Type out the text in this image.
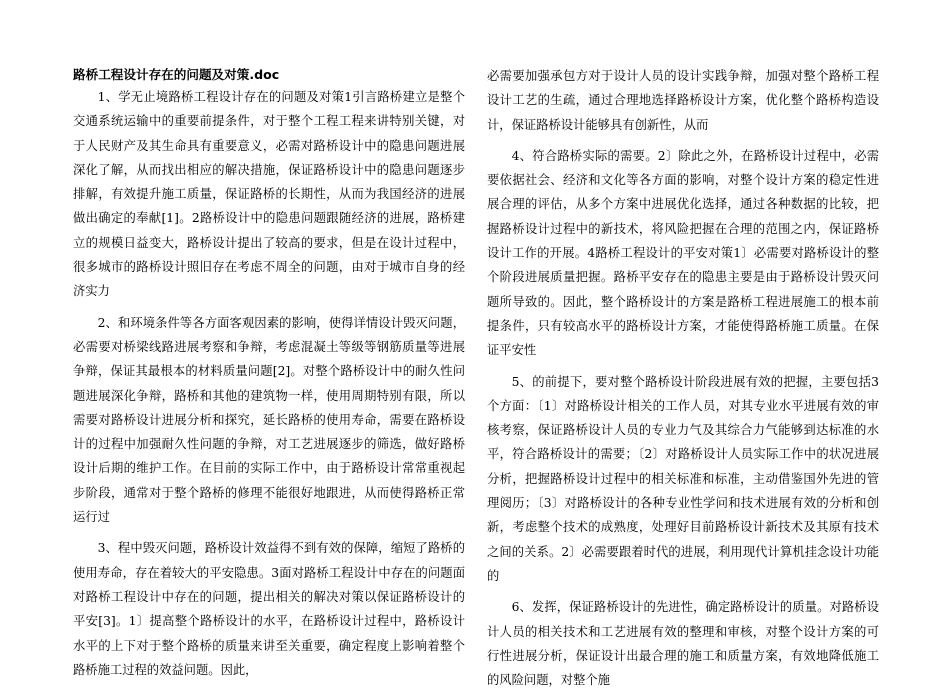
路桥工程设计存在的问题及对策.doc

1、学无止境路桥工程设计存在的问题及对策1引言路桥建立是整个交通系统运输中的重要前提条件，对于整个工程工程来讲特别关键，对于人民财产及其生命具有重要意义，必需对路桥设计中的隐患问题进展深化了解，从而找出相应的解决措施，保证路桥设计中的隐患问题逐步排解，有效提升施工质量，保证路桥的长期性，从而为我国经济的进展做出确定的奉献[1]。2路桥设计中的隐患问题跟随经济的进展，路桥建立的规模日益变大，路桥设计提出了较高的要求，但是在设计过程中，很多城市的路桥设计照旧存在考虑不周全的问题，由对于城市自身的经济实力

2、和环境条件等各方面客观因素的影响，使得详情设计毁灭问题，必需要对桥梁线路进展考察和争辩，考虑混凝土等级等钢筋质量等进展争辩，保证其最根本的材料质量问题[2]。对整个路桥设计中的耐久性问题进展深化争辩，路桥和其他的建筑物一样，使用周期特别有限，所以需要对路桥设计进展分析和探究，延长路桥的使用寿命，需要在路桥设计的过程中加强耐久性问题的争辩，对工艺进展逐步的筛选，做好路桥设计后期的维护工作。在目前的实际工作中，由于路桥设计常常重视起步阶段，通常对于整个路桥的修理不能很好地跟进，从而使得路桥正常运行过

3、程中毁灭问题，路桥设计效益得不到有效的保障，缩短了路桥的使用寿命，存在着较大的平安隐患。3面对路桥工程设计中存在的问题面对路桥工程设计中存在的问题，提出相关的解决对策以保证路桥设计的平安[3]。1〕提高整个路桥设计的水平，在路桥设计过程中，路桥设计水平的上下对于整个路桥的质量来讲至关重要，确定程度上影响着整个路桥施工过程的效益问题。因此，

必需要加强承包方对于设计人员的设计实践争辩，加强对整个路桥工程设计工艺的生疏，通过合理地选择路桥设计方案，优化整个路桥构造设计，保证路桥设计能够具有创新性，从而

4、符合路桥实际的需要。2〕除此之外，在路桥设计过程中，必需要依据社会、经济和文化等各方面的影响，对整个设计方案的稳定性进展合理的评估，从多个方案中进展优化选择，通过各种数据的比较，把握路桥设计过程中的新技术，将风险把握在合理的范围之内，保证路桥设计工作的开展。4路桥工程设计的平安对策1〕必需要对路桥设计的整个阶段进展质量把握。路桥平安存在的隐患主要是由于路桥设计毁灭问题所导致的。因此，整个路桥设计的方案是路桥工程进展施工的根本前提条件，只有较高水平的路桥设计方案，才能使得路桥施工质量。在保证平安性

5、的前提下，要对整个路桥设计阶段进展有效的把握，主要包括3个方面：〔1〕对路桥设计相关的工作人员，对其专业水平进展有效的审核考察，保证路桥设计人员的专业力气及其综合力气能够到达标准的水平，符合路桥设计的需要；〔2〕对路桥设计人员实际工作中的状况进展分析，把握路桥设计过程中的相关标准和标准，主动借鉴国外先进的管理阅历；〔3〕对路桥设计的各种专业性学问和技术进展有效的分析和创新，考虑整个技术的成熟度，处理好目前路桥设计新技术及其原有技术之间的关系。2〕必需要跟着时代的进展，利用现代计算机挂念设计功能的

6、发挥，保证路桥设计的先进性，确定路桥设计的质量。对路桥设计人员的相关技术和工艺进展有效的整理和审核，对整个设计方案的可行性进展分析，保证设计出最合理的施工和质量方案，有效地降低施工的风险问题，对整个施
